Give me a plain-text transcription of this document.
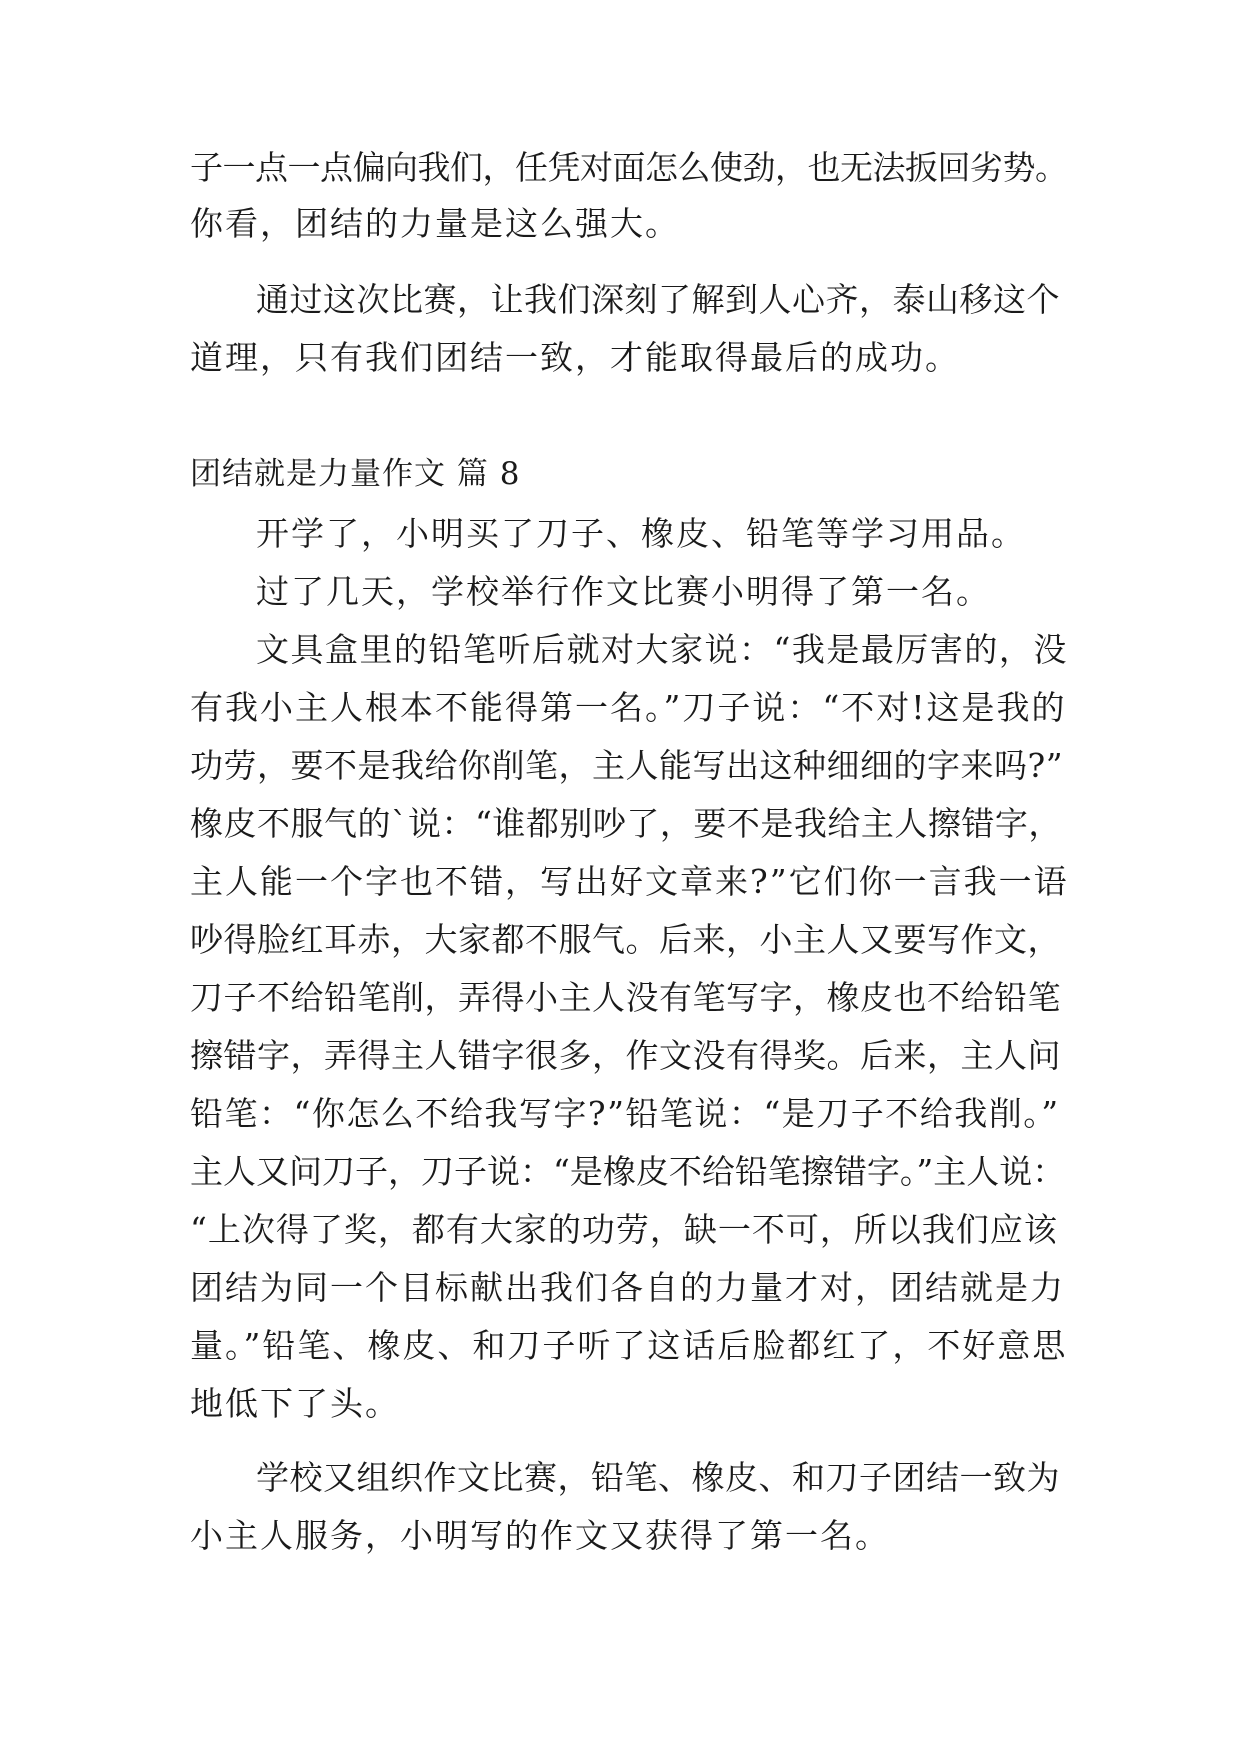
子一点一点偏向我们，任凭对面怎么使劲，也无法扳回劣势。
你看，团结的力量是这么强大。
通过这次比赛，让我们深刻了解到人心齐，泰山移这个
道理，只有我们团结一致，才能取得最后的成功。
团结就是力量作文 篇 8
开学了，小明买了刀子、橡皮、铅笔等学习用品。
过了几天，学校举行作文比赛小明得了第一名。
文具盒里的铅笔听后就对大家说：“我是最厉害的，没
有我小主人根本不能得第一名。”刀子说：“不对!这是我的
功劳，要不是我给你削笔，主人能写出这种细细的字来吗?”
橡皮不服气的`说：“谁都别吵了，要不是我给主人擦错字，
主人能一个字也不错，写出好文章来?”它们你一言我一语
吵得脸红耳赤，大家都不服气。后来，小主人又要写作文，
刀子不给铅笔削，弄得小主人没有笔写字，橡皮也不给铅笔
擦错字，弄得主人错字很多，作文没有得奖。后来，主人问
铅笔：“你怎么不给我写字?”铅笔说：“是刀子不给我削。”
主人又问刀子，刀子说：“是橡皮不给铅笔擦错字。”主人说：
“上次得了奖，都有大家的功劳，缺一不可，所以我们应该
团结为同一个目标献出我们各自的力量才对，团结就是力
量。”铅笔、橡皮、和刀子听了这话后脸都红了，不好意思
地低下了头。
学校又组织作文比赛，铅笔、橡皮、和刀子团结一致为
小主人服务，小明写的作文又获得了第一名。
